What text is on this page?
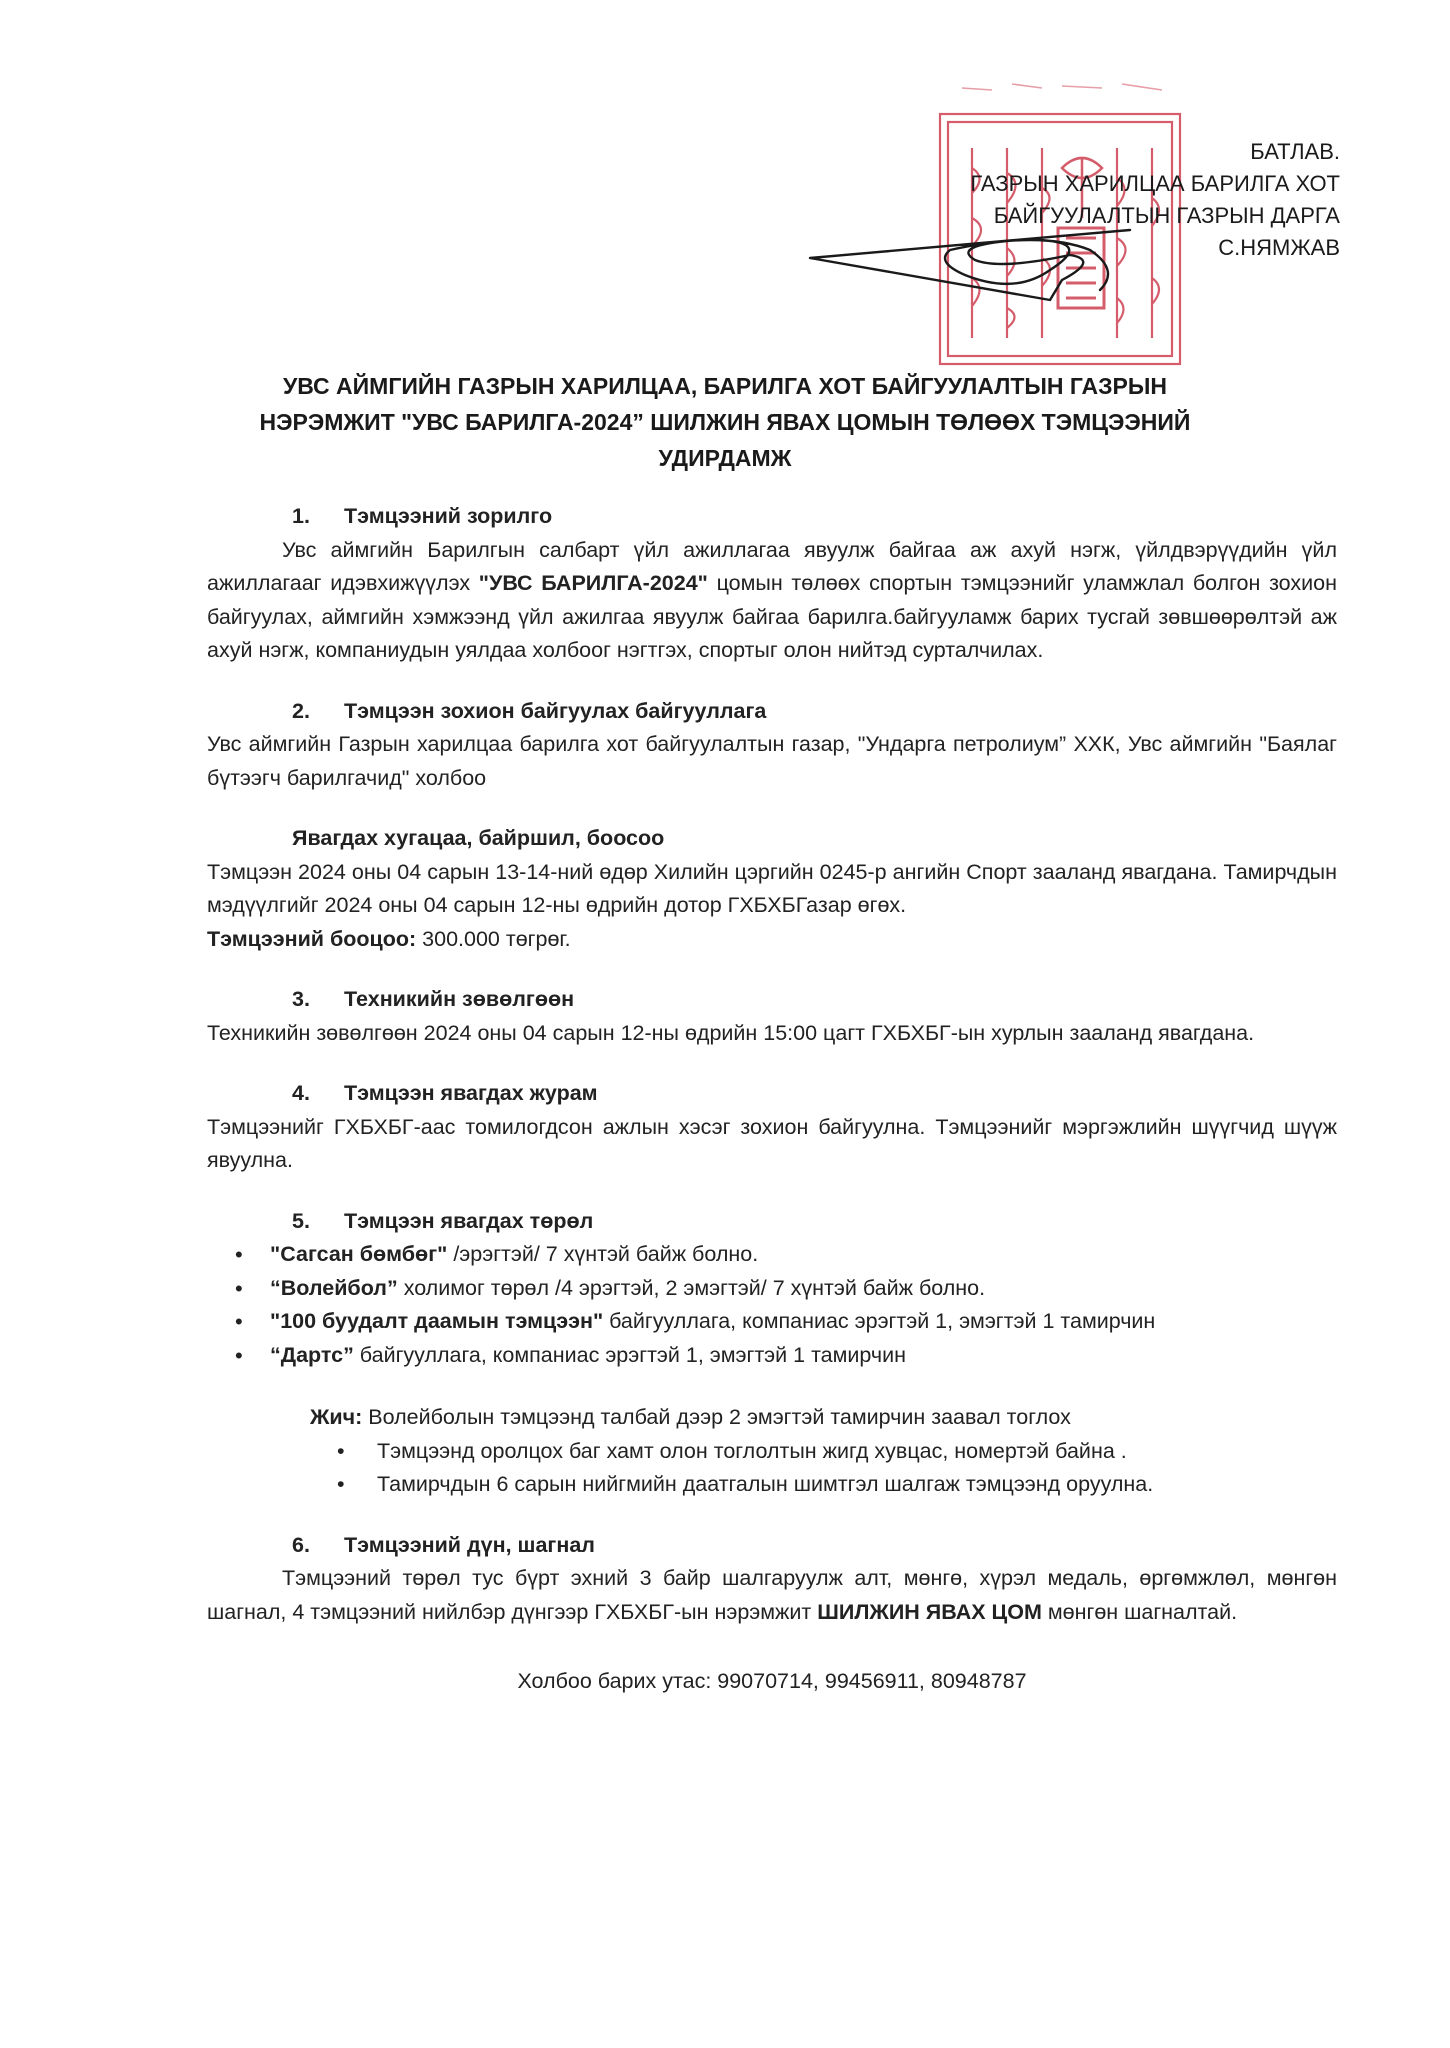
БАТЛАВ.
ГАЗРЫН ХАРИЛЦАА БАРИЛГА ХОТ
БАЙГУУЛАЛТЫН ГАЗРЫН ДАРГА
С.НЯМЖАВ
УВС АЙМГИЙН ГАЗРЫН ХАРИЛЦАА, БАРИЛГА ХОТ БАЙГУУЛАЛТЫН ГАЗРЫН
НЭРЭМЖИТ "УВС БАРИЛГА-2024” ШИЛЖИН ЯВАХ ЦОМЫН ТӨЛӨӨХ ТЭМЦЭЭНИЙ
УДИРДАМЖ
1.	Тэмцээний зорилго
Увс аймгийн Барилгын салбарт үйл ажиллагаа явуулж байгаа аж ахуй нэгж, үйлдвэрүүдийн үйл ажиллагааг идэвхижүүлэх "УВС БАРИЛГА-2024" цомын төлөөх спортын тэмцээнийг уламжлал болгон зохион байгуулах, аймгийн хэмжээнд үйл ажилгаа явуулж байгаа барилга.байгууламж барих тусгай зөвшөөрөлтэй аж ахуй нэгж, компаниудын уялдаа холбоог нэгтгэх, спортыг олон нийтэд сурталчилах.
2.	Тэмцээн зохион байгуулах байгууллага
Увс аймгийн Газрын харилцаа барилга хот байгуулалтын газар, "Ундарга петролиум” ХХК, Увс аймгийн "Баялаг бүтээгч барилгачид" холбоо
Явагдах хугацаа, байршил, боосоо
Тэмцээн 2024 оны 04 сарын 13-14-ний өдөр Хилийн цэргийн 0245-р ангийн Спорт зааланд явагдана. Тамирчдын мэдүүлгийг 2024 оны 04 сарын 12-ны өдрийн дотор ГХБХБГазар өгөх.
Тэмцээний бооцоо: 300.000 төгрөг.
3.	Техникийн зөвөлгөөн
Техникийн зөвөлгөөн 2024 оны 04 сарын 12-ны өдрийн 15:00 цагт ГХБХБГ-ын хурлын зааланд явагдана.
4.	Тэмцээн явагдах журам
Тэмцээнийг ГХБХБГ-аас томилогдсон ажлын хэсэг зохион байгуулна. Тэмцээнийг мэргэжлийн шүүгчид шүүж явуулна.
5.	Тэмцээн явагдах төрөл
• "Сагсан бөмбөг" /эрэгтэй/ 7 хүнтэй байж болно.
• “Волейбол” холимог төрөл /4 эрэгтэй, 2 эмэгтэй/ 7 хүнтэй байж болно.
• "100 буудалт даамын тэмцээн" байгууллага, компаниас эрэгтэй 1, эмэгтэй 1 тамирчин
• “Дартс” байгууллага, компаниас эрэгтэй 1, эмэгтэй 1 тамирчин
Жич: Волейболын тэмцээнд талбай дээр 2 эмэгтэй тамирчин заавал тоглох
• Тэмцээнд оролцох баг хамт олон тоглолтын жигд хувцас, номертэй байна .
• Тамирчдын 6 сарын нийгмийн даатгалын шимтгэл шалгаж тэмцээнд оруулна.
6.	Тэмцээний дүн, шагнал
Тэмцээний төрөл тус бүрт эхний 3 байр шалгаруулж алт, мөнгө, хүрэл медаль, өргөмжлөл, мөнгөн шагнал, 4 тэмцээний нийлбэр дүнгээр ГХБХБГ-ын нэрэмжит ШИЛЖИН ЯВАХ ЦОМ мөнгөн шагналтай.
Холбоо барих утас: 99070714, 99456911, 80948787
